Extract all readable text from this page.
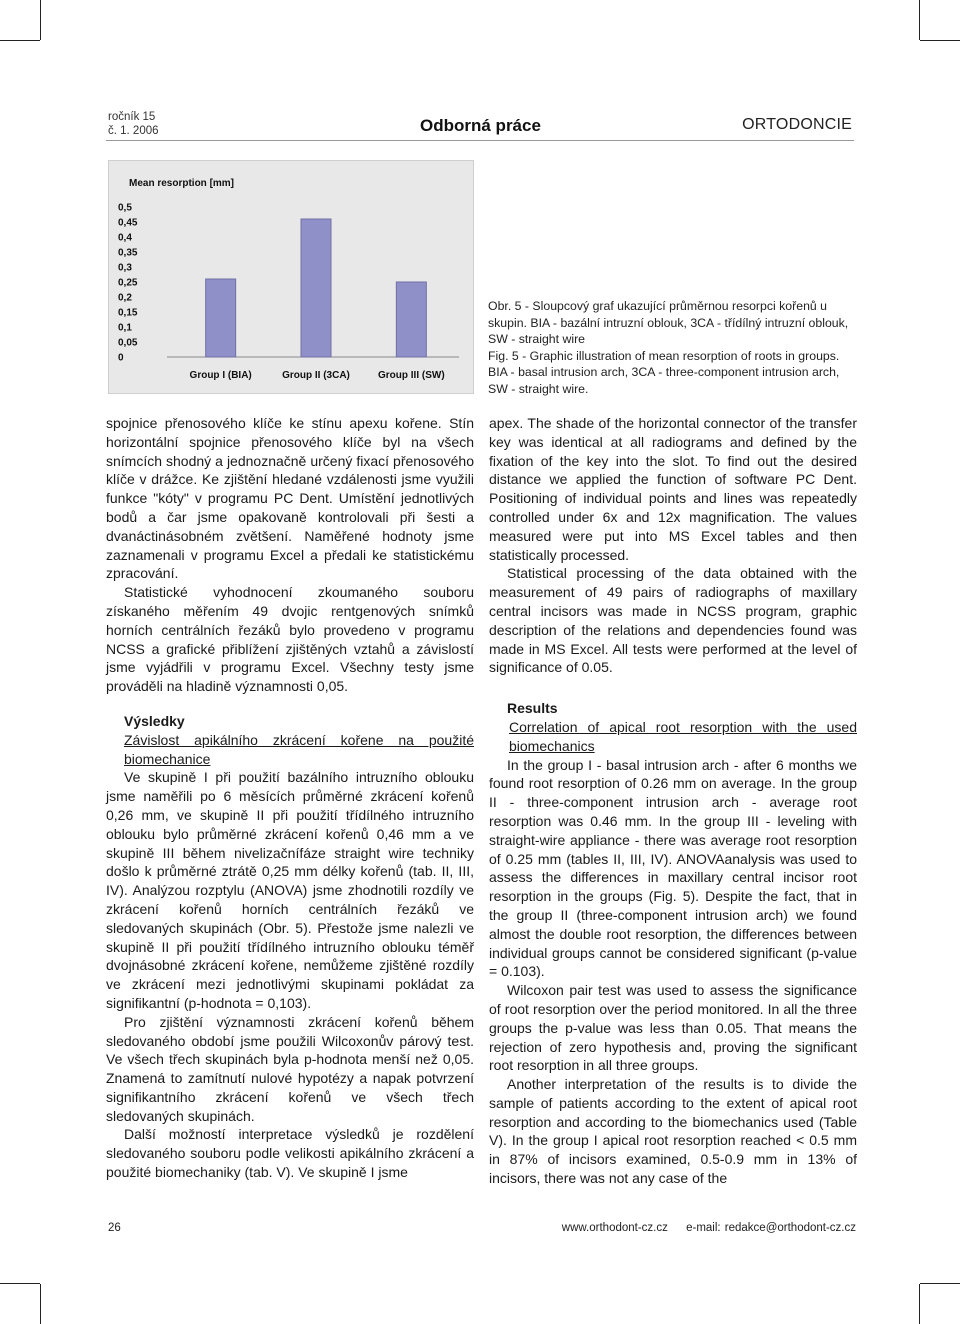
ročník 15
č. 1. 2006	Odborná práce	ORTODONCIE
Mean resorption [mm]
0,5
0,45
0,4
0,35
0,3
0,25
0,2
0,15
0,1
0,05
0
Group I (BIA)	Group II (3CA)	Group III (SW)

Obr. 5 - Sloupcový graf ukazující průměrnou resorpci kořenů u skupin. BIA - bazální intruzní oblouk, 3CA - třídílný intruzní oblouk, SW - straight wire

Fig. 5 - Graphic illustration of mean resorption of roots in groups. BIA - basal intrusion arch, 3CA - three-component intrusion arch, SW - straight wire.

spojnice přenosového klíče ke stínu apexu kořene. Stín horizontální spojnice přenosového klíče byl na všech snímcích shodný a jednoznačně určený fixací přenosového klíče v drážce. Ke zjištění hledané vzdálenosti jsme využili funkce "kóty" v programu PC Dent. Umístění jednotlivých bodů a čar jsme opakovaně kontrolovali při šesti a dvanáctinásobném zvětšení. Naměřené hodnoty jsme zaznamenali v programu Excel a předali ke statistickému zpracování.

Statistické vyhodnocení zkoumaného souboru získaného měřením 49 dvojic rentgenových snímků horních centrálních řezáků bylo provedeno v programu NCSS a grafické přiblížení zjištěných vztahů a závislostí jsme vyjádřili v programu Excel. Všechny testy jsme prováděli na hladině významnosti 0,05.

Výsledky

Závislost apikálního zkrácení kořene na použité biomechanice

Ve skupině I při použití bazálního intruzního oblouku jsme naměřili po 6 měsících průměrné zkrácení kořenů 0,26 mm, ve skupině II při použití třídílného intruzního oblouku bylo průměrné zkrácení kořenů 0,46 mm a ve skupině III během nivelizačnífáze straight wire techniky došlo k průměrné ztrátě 0,25 mm délky kořenů (tab. II, III, IV). Analýzou rozptylu (ANOVA) jsme zhodnotili rozdíly ve zkrácení kořenů horních centrálních řezáků ve sledovaných skupinách (Obr. 5). Přestože jsme nalezli ve skupině II při použití třídílného intruzního oblouku téměř dvojnásobné zkrácení kořene, nemůžeme zjištěné rozdíly ve zkrácení mezi jednotlivými skupinami pokládat za signifikantní (p-hodnota = 0,103).

Pro zjištění významnosti zkrácení kořenů během sledovaného období jsme použili Wilcoxonův párový test. Ve všech třech skupinách byla p-hodnota menší než 0,05. Znamená to zamítnutí nulové hypotézy a napak potvrzení signifikantního zkrácení kořenů ve všech třech sledovaných skupinách.

Další možností interpretace výsledků je rozdělení sledovaného souboru podle velikosti apikálního zkrácení a použité biomechaniky (tab. V). Ve skupině I jsme

apex. The shade of the horizontal connector of the transfer key was identical at all radiograms and defined by the fixation of the key into the slot. To find out the desired distance we applied the function of software PC Dent. Positioning of individual points and lines was repeatedly controlled under 6x and 12x magnification. The values measured were put into MS Excel tables and then statistically processed.

Statistical processing of the data obtained with the measurement of 49 pairs of radiographs of maxillary central incisors was made in NCSS program, graphic description of the relations and dependencies found was made in MS Excel. All tests were performed at the level of significance of 0.05.

Results

Correlation of apical root resorption with the used biomechanics

In the group I - basal intrusion arch - after 6 months we found root resorption of 0.26 mm on average. In the group II - three-component intrusion arch - average root resorption was 0.46 mm. In the group III - leveling with straight-wire appliance - there was average root resorption of 0.25 mm (tables II, III, IV). ANOVAanalysis was used to assess the differences in maxillary central incisor root resorption in the groups (Fig. 5). Despite the fact, that in the group II (three-component intrusion arch) we found almost the double root resorption, the differences between individual groups cannot be considered significant (p-value = 0.103).

Wilcoxon pair test was used to assess the significance of root resorption over the period monitored. In all the three groups the p-value was less than 0.05. That means the rejection of zero hypothesis and, proving the significant root resorption in all three groups.

Another interpretation of the results is to divide the sample of patients according to the extent of apical root resorption and according to the biomechanics used (Table V). In the group I apical root resorption reached < 0.5 mm in 87% of incisors examined, 0.5-0.9 mm in 13% of incisors, there was not any case of the

26	www.orthodont-cz.cz e-mail: redakce@orthodont-cz.cz
